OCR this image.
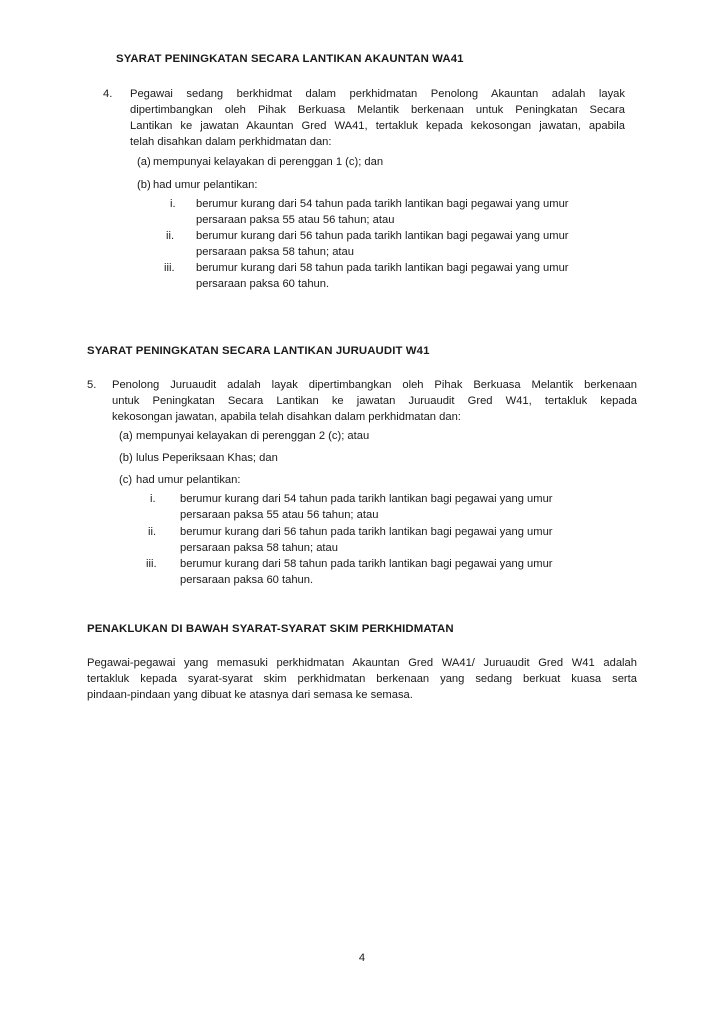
SYARAT PENINGKATAN SECARA LANTIKAN AKAUNTAN WA41
4. Pegawai sedang berkhidmat dalam perkhidmatan Penolong Akauntan adalah layak
dipertimbangkan oleh Pihak Berkuasa Melantik berkenaan untuk Peningkatan Secara
Lantikan ke jawatan Akauntan Gred WA41, tertakluk kepada kekosongan jawatan, apabila
telah disahkan dalam perkhidmatan dan:
(a) mempunyai kelayakan di perenggan 1 (c); dan
(b) had umur pelantikan:
i. berumur kurang dari 54 tahun pada tarikh lantikan bagi pegawai yang umur
persaraan paksa 55 atau 56 tahun; atau
ii. berumur kurang dari 56 tahun pada tarikh lantikan bagi pegawai yang umur
persaraan paksa 58 tahun; atau
iii. berumur kurang dari 58 tahun pada tarikh lantikan bagi pegawai yang umur
persaraan paksa 60 tahun.
SYARAT PENINGKATAN SECARA LANTIKAN JURUAUDIT W41
5. Penolong Juruaudit adalah layak dipertimbangkan oleh Pihak Berkuasa Melantik berkenaan
untuk Peningkatan Secara Lantikan ke jawatan Juruaudit Gred W41, tertakluk kepada
kekosongan jawatan, apabila telah disahkan dalam perkhidmatan dan:
(a) mempunyai kelayakan di perenggan 2 (c); atau
(b) lulus Peperiksaan Khas; dan
(c) had umur pelantikan:
i. berumur kurang dari 54 tahun pada tarikh lantikan bagi pegawai yang umur
persaraan paksa 55 atau 56 tahun; atau
ii. berumur kurang dari 56 tahun pada tarikh lantikan bagi pegawai yang umur
persaraan paksa 58 tahun; atau
iii. berumur kurang dari 58 tahun pada tarikh lantikan bagi pegawai yang umur
persaraan paksa 60 tahun.
PENAKLUKAN DI BAWAH SYARAT-SYARAT SKIM PERKHIDMATAN
Pegawai-pegawai yang memasuki perkhidmatan Akauntan Gred WA41/ Juruaudit Gred W41 adalah
tertakluk kepada syarat-syarat skim perkhidmatan berkenaan yang sedang berkuat kuasa serta
pindaan-pindaan yang dibuat ke atasnya dari semasa ke semasa.
4
